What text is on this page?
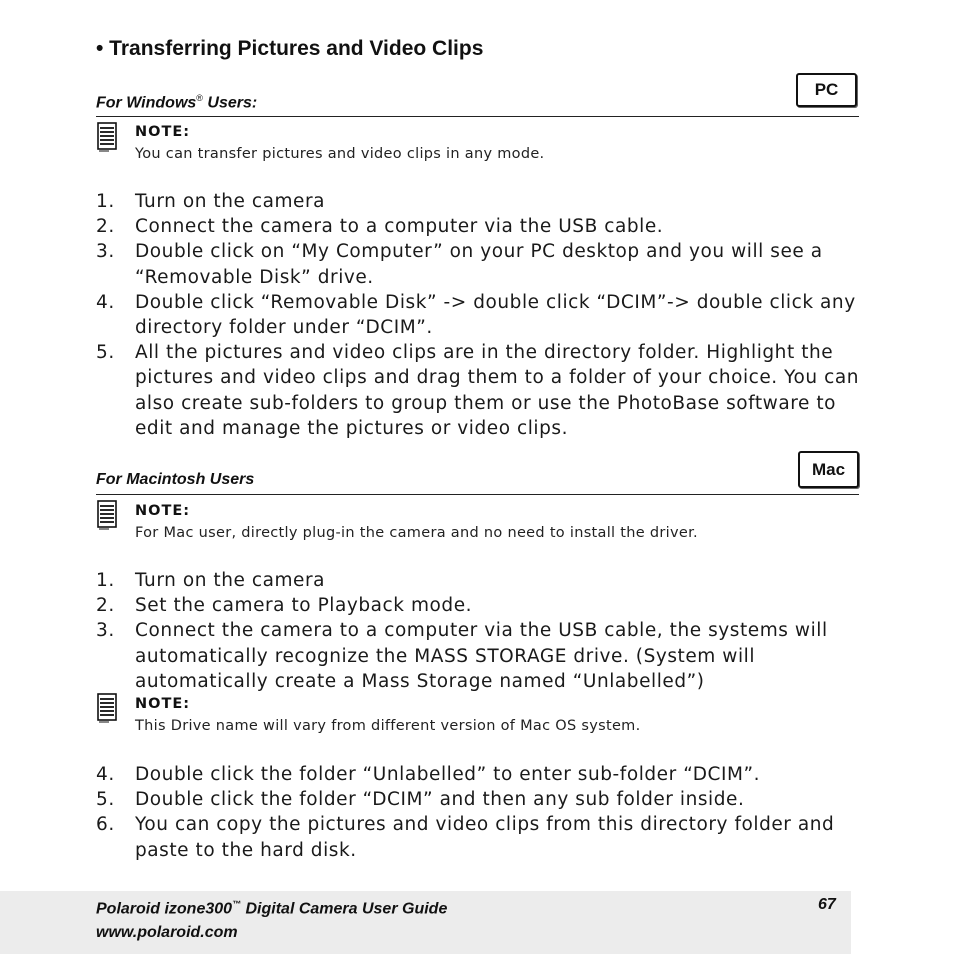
• Transferring Pictures and Video Clips
For Windows® Users:
PC
NOTE:
You can transfer pictures and video clips in any mode.
1.	Turn on the camera
2.	Connect the camera to a computer via the USB cable.
3.	Double click on “My Computer” on your PC desktop and you will see a “Removable Disk” drive.
4.	Double click “Removable Disk” -> double click “DCIM”-> double click any directory folder under “DCIM”.
5.	All the pictures and video clips are in the directory folder. Highlight the pictures and video clips and drag them to a folder of your choice. You can also create sub-folders to group them or use the PhotoBase software to edit and manage the pictures or video clips.
For Macintosh Users
Mac
NOTE:
For Mac user, directly plug-in the camera and no need to install the driver.
1.	Turn on the camera
2.	Set the camera to Playback mode.
3.	Connect the camera to a computer via the USB cable, the systems will automatically recognize the MASS STORAGE drive. (System will automatically create a Mass Storage named “Unlabelled”)
NOTE:
This Drive name will vary from different version of Mac OS system.
4.	Double click the folder “Unlabelled” to enter sub-folder “DCIM”.
5.	Double click the folder “DCIM” and then any sub folder inside.
6.	You can copy the pictures and video clips from this directory folder and paste to the hard disk.
Polaroid izone300™ Digital Camera User Guide
www.polaroid.com
67
